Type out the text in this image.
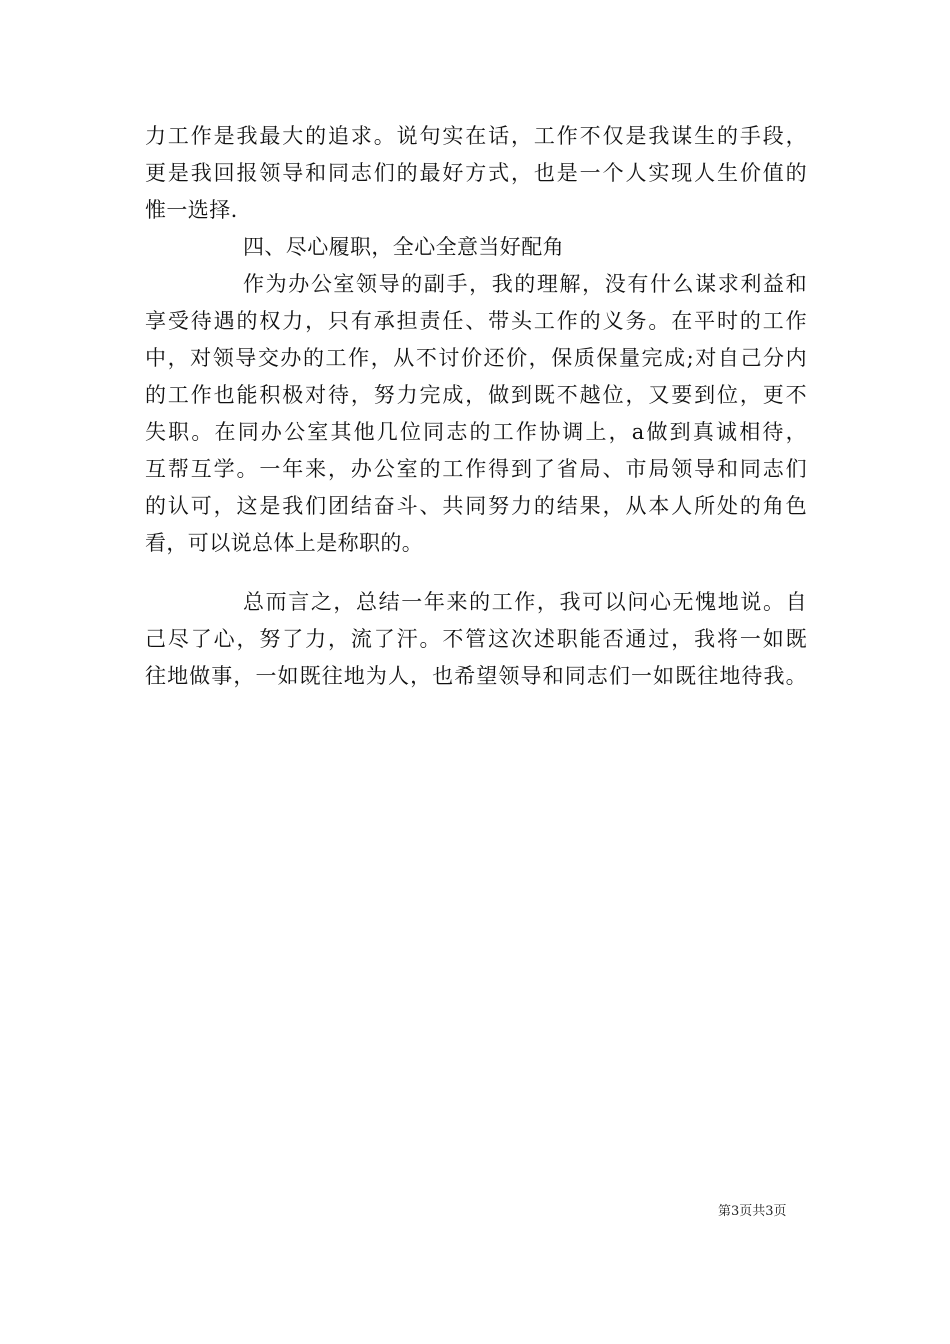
力工作是我最大的追求。说句实在话，工作不仅是我谋生的手段，
更是我回报领导和同志们的最好方式，也是一个人实现人生价值的
惟一选择.
四、尽心履职，全心全意当好配角
作为办公室领导的副手，我的理解，没有什么谋求利益和
享受待遇的权力，只有承担责任、带头工作的义务。在平时的工作
中，对领导交办的工作，从不讨价还价，保质保量完成;对自己分内
的工作也能积极对待，努力完成，做到既不越位，又要到位，更不
失职。在同办公室其他几位同志的工作协调上，a做到真诚相待，
互帮互学。一年来，办公室的工作得到了省局、市局领导和同志们
的认可，这是我们团结奋斗、共同努力的结果，从本人所处的角色
看，可以说总体上是称职的。
总而言之，总结一年来的工作，我可以问心无愧地说。自
己尽了心，努了力，流了汗。不管这次述职能否通过，我将一如既
往地做事，一如既往地为人，也希望领导和同志们一如既往地待我。
第3页共3页
